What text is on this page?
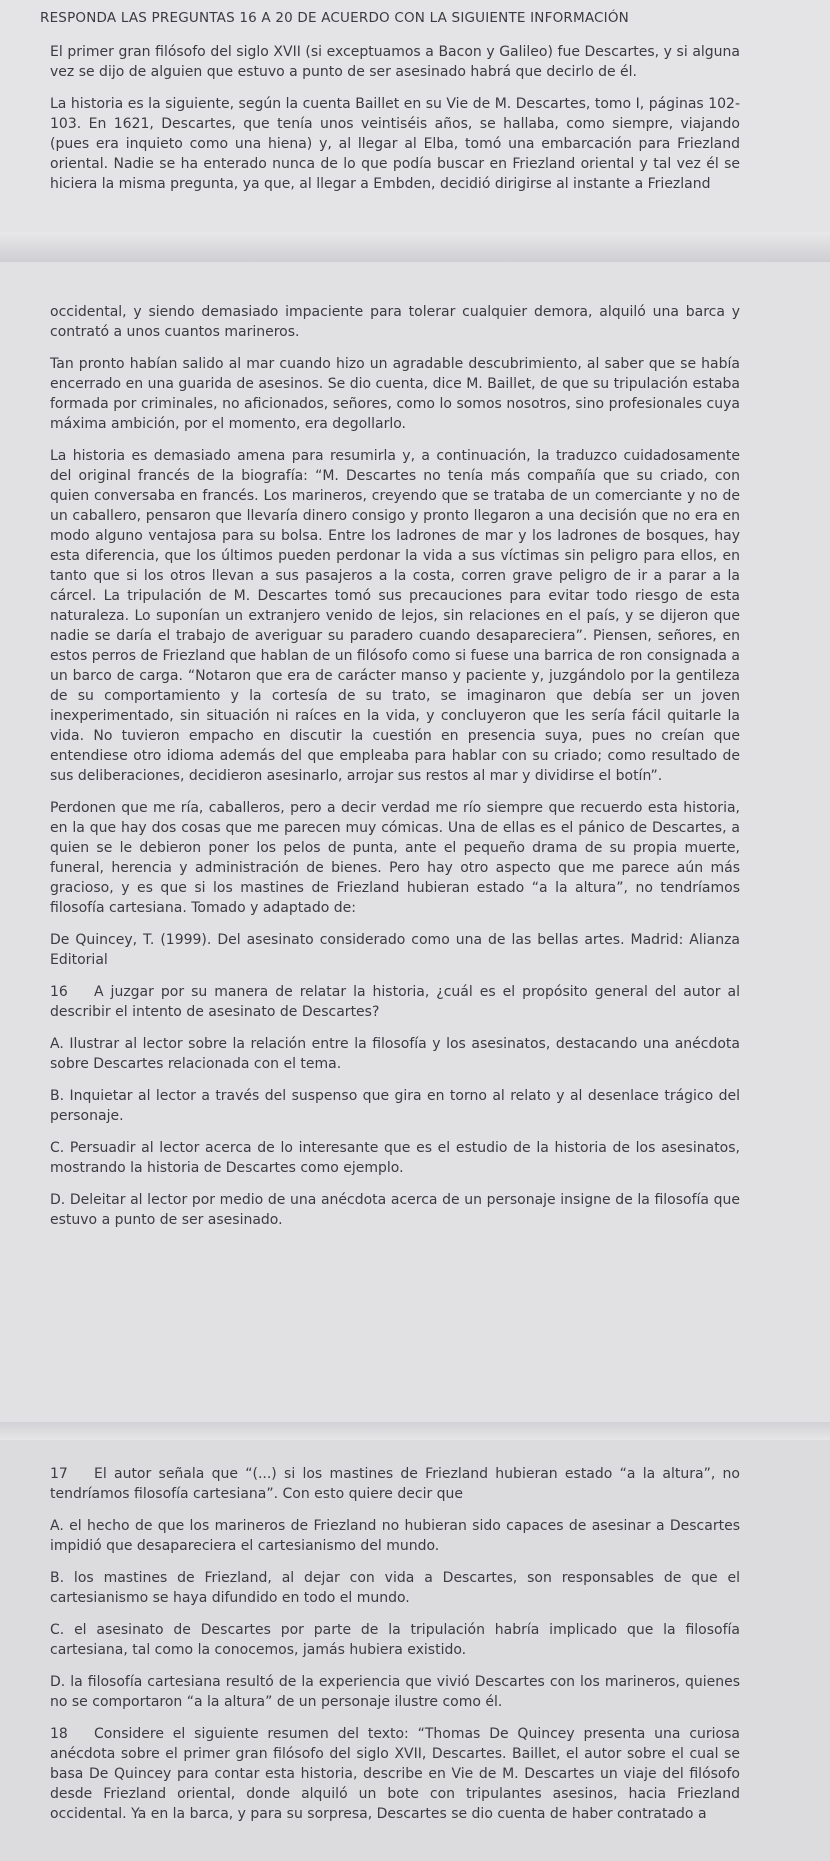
RESPONDA LAS PREGUNTAS 16 A 20 DE ACUERDO CON LA SIGUIENTE INFORMACIÓN

El primer gran filósofo del siglo XVII (si exceptuamos a Bacon y Galileo) fue Descartes, y si alguna vez se dijo de alguien que estuvo a punto de ser asesinado habrá que decirlo de él.

La historia es la siguiente, según la cuenta Baillet en su Vie de M. Descartes, tomo I, páginas 102-103. En 1621, Descartes, que tenía unos veintiséis años, se hallaba, como siempre, viajando (pues era inquieto como una hiena) y, al llegar al Elba, tomó una embarcación para Friezland oriental. Nadie se ha enterado nunca de lo que podía buscar en Friezland oriental y tal vez él se hiciera la misma pregunta, ya que, al llegar a Embden, decidió dirigirse al instante a Friezland

occidental, y siendo demasiado impaciente para tolerar cualquier demora, alquiló una barca y contrató a unos cuantos marineros.

Tan pronto habían salido al mar cuando hizo un agradable descubrimiento, al saber que se había encerrado en una guarida de asesinos. Se dio cuenta, dice M. Baillet, de que su tripulación estaba formada por criminales, no aficionados, señores, como lo somos nosotros, sino profesionales cuya máxima ambición, por el momento, era degollarlo.

La historia es demasiado amena para resumirla y, a continuación, la traduzco cuidadosamente del original francés de la biografía: “M. Descartes no tenía más compañía que su criado, con quien conversaba en francés. Los marineros, creyendo que se trataba de un comerciante y no de un caballero, pensaron que llevaría dinero consigo y pronto llegaron a una decisión que no era en modo alguno ventajosa para su bolsa. Entre los ladrones de mar y los ladrones de bosques, hay esta diferencia, que los últimos pueden perdonar la vida a sus víctimas sin peligro para ellos, en tanto que si los otros llevan a sus pasajeros a la costa, corren grave peligro de ir a parar a la cárcel. La tripulación de M. Descartes tomó sus precauciones para evitar todo riesgo de esta naturaleza. Lo suponían un extranjero venido de lejos, sin relaciones en el país, y se dijeron que nadie se daría el trabajo de averiguar su paradero cuando desapareciera”. Piensen, señores, en estos perros de Friezland que hablan de un filósofo como si fuese una barrica de ron consignada a un barco de carga. “Notaron que era de carácter manso y paciente y, juzgándolo por la gentileza de su comportamiento y la cortesía de su trato, se imaginaron que debía ser un joven inexperimentado, sin situación ni raíces en la vida, y concluyeron que les sería fácil quitarle la vida. No tuvieron empacho en discutir la cuestión en presencia suya, pues no creían que entendiese otro idioma además del que empleaba para hablar con su criado; como resultado de sus deliberaciones, decidieron asesinarlo, arrojar sus restos al mar y dividirse el botín”.

Perdonen que me ría, caballeros, pero a decir verdad me río siempre que recuerdo esta historia, en la que hay dos cosas que me parecen muy cómicas. Una de ellas es el pánico de Descartes, a quien se le debieron poner los pelos de punta, ante el pequeño drama de su propia muerte, funeral, herencia y administración de bienes. Pero hay otro aspecto que me parece aún más gracioso, y es que si los mastines de Friezland hubieran estado “a la altura”, no tendríamos filosofía cartesiana. Tomado y adaptado de:

De Quincey, T. (1999). Del asesinato considerado como una de las bellas artes. Madrid: Alianza Editorial

16 A juzgar por su manera de relatar la historia, ¿cuál es el propósito general del autor al describir el intento de asesinato de Descartes?

A. Ilustrar al lector sobre la relación entre la filosofía y los asesinatos, destacando una anécdota sobre Descartes relacionada con el tema.

B. Inquietar al lector a través del suspenso que gira en torno al relato y al desenlace trágico del personaje.

C. Persuadir al lector acerca de lo interesante que es el estudio de la historia de los asesinatos, mostrando la historia de Descartes como ejemplo.

D. Deleitar al lector por medio de una anécdota acerca de un personaje insigne de la filosofía que estuvo a punto de ser asesinado.

17 El autor señala que “(...) si los mastines de Friezland hubieran estado “a la altura”, no tendríamos filosofía cartesiana”. Con esto quiere decir que

A. el hecho de que los marineros de Friezland no hubieran sido capaces de asesinar a Descartes impidió que desapareciera el cartesianismo del mundo.

B. los mastines de Friezland, al dejar con vida a Descartes, son responsables de que el cartesianismo se haya difundido en todo el mundo.

C. el asesinato de Descartes por parte de la tripulación habría implicado que la filosofía cartesiana, tal como la conocemos, jamás hubiera existido.

D. la filosofía cartesiana resultó de la experiencia que vivió Descartes con los marineros, quienes no se comportaron “a la altura” de un personaje ilustre como él.

18 Considere el siguiente resumen del texto: “Thomas De Quincey presenta una curiosa anécdota sobre el primer gran filósofo del siglo XVII, Descartes. Baillet, el autor sobre el cual se basa De Quincey para contar esta historia, describe en Vie de M. Descartes un viaje del filósofo desde Friezland oriental, donde alquiló un bote con tripulantes asesinos, hacia Friezland occidental. Ya en la barca, y para su sorpresa, Descartes se dio cuenta de haber contratado a
